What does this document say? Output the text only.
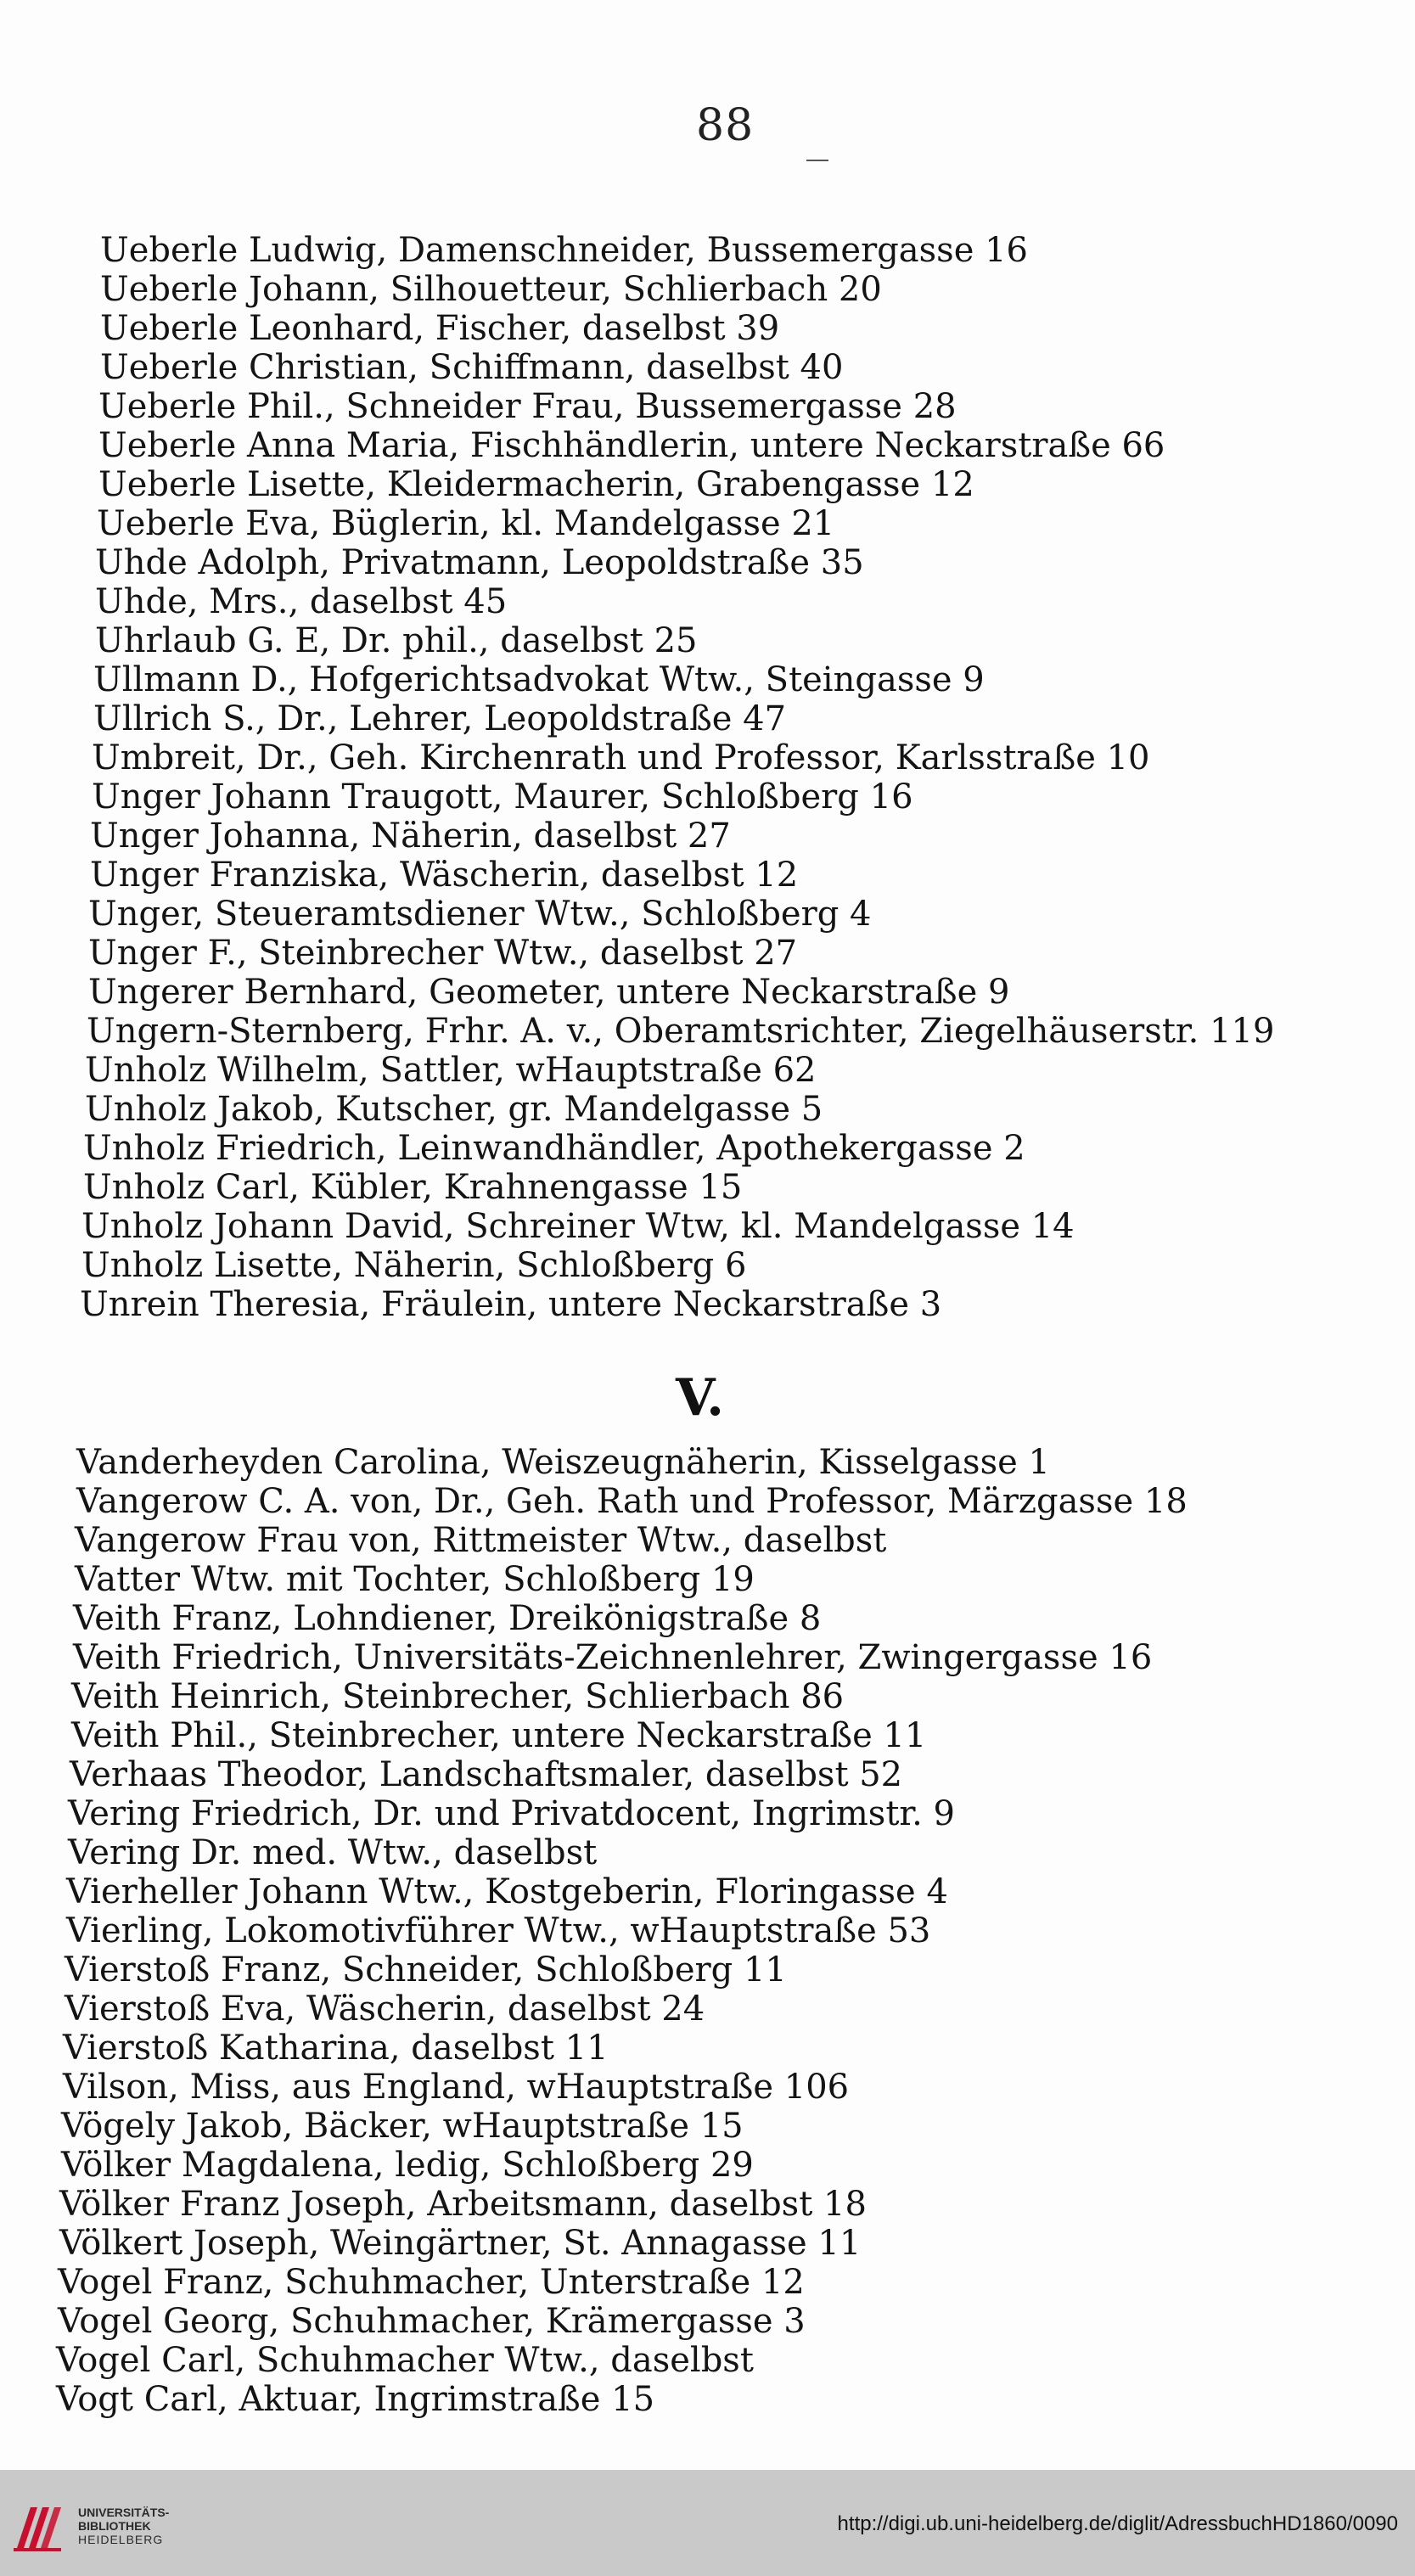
88
Ueberle Ludwig, Damenschneider, Bussemergasse 16
Ueberle Johann, Silhouetteur, Schlierbach 20
Ueberle Leonhard, Fischer, daselbst 39
Ueberle Christian, Schiffmann, daselbst 40
Ueberle Phil., Schneider Frau, Bussemergasse 28
Ueberle Anna Maria, Fischhändlerin, untere Neckarstraße 66
Ueberle Lisette, Kleidermacherin, Grabengasse 12
Ueberle Eva, Büglerin, kl. Mandelgasse 21
Uhde Adolph, Privatmann, Leopoldstraße 35
Uhde, Mrs., daselbst 45
Uhrlaub G. E, Dr. phil., daselbst 25
Ullmann D., Hofgerichtsadvokat Wtw., Steingasse 9
Ullrich S., Dr., Lehrer, Leopoldstraße 47
Umbreit, Dr., Geh. Kirchenrath und Professor, Karlsstraße 10
Unger Johann Traugott, Maurer, Schloßberg 16
Unger Johanna, Näherin, daselbst 27
Unger Franziska, Wäscherin, daselbst 12
Unger, Steueramtsdiener Wtw., Schloßberg 4
Unger F., Steinbrecher Wtw., daselbst 27
Ungerer Bernhard, Geometer, untere Neckarstraße 9
Ungern-Sternberg, Frhr. A. v., Oberamtsrichter, Ziegelhäuserstr. 119
Unholz Wilhelm, Sattler, wHauptstraße 62
Unholz Jakob, Kutscher, gr. Mandelgasse 5
Unholz Friedrich, Leinwandhändler, Apothekergasse 2
Unholz Carl, Kübler, Krahnengasse 15
Unholz Johann David, Schreiner Wtw, kl. Mandelgasse 14
Unholz Lisette, Näherin, Schloßberg 6
Unrein Theresia, Fräulein, untere Neckarstraße 3
V.
Vanderheyden Carolina, Weiszeugnäherin, Kisselgasse 1
Vangerow C. A. von, Dr., Geh. Rath und Professor, Märzgasse 18
Vangerow Frau von, Rittmeister Wtw., daselbst
Vatter Wtw. mit Tochter, Schloßberg 19
Veith Franz, Lohndiener, Dreikönigstraße 8
Veith Friedrich, Universitäts-Zeichnenlehrer, Zwingergasse 16
Veith Heinrich, Steinbrecher, Schlierbach 86
Veith Phil., Steinbrecher, untere Neckarstraße 11
Verhaas Theodor, Landschaftsmaler, daselbst 52
Vering Friedrich, Dr. und Privatdocent, Ingrimstr. 9
Vering Dr. med. Wtw., daselbst
Vierheller Johann Wtw., Kostgeberin, Floringasse 4
Vierling, Lokomotivführer Wtw., wHauptstraße 53
Vierstoß Franz, Schneider, Schloßberg 11
Vierstoß Eva, Wäscherin, daselbst 24
Vierstoß Katharina, daselbst 11
Vilson, Miss, aus England, wHauptstraße 106
Vögely Jakob, Bäcker, wHauptstraße 15
Völker Magdalena, ledig, Schloßberg 29
Völker Franz Joseph, Arbeitsmann, daselbst 18
Völkert Joseph, Weingärtner, St. Annagasse 11
Vogel Franz, Schuhmacher, Unterstraße 12
Vogel Georg, Schuhmacher, Krämergasse 3
Vogel Carl, Schuhmacher Wtw., daselbst
Vogt Carl, Aktuar, Ingrimstraße 15
UNIVERSITÄTS-
BIBLIOTHEK
HEIDELBERG
http://digi.ub.uni-heidelberg.de/diglit/AdressbuchHD1860/0090
